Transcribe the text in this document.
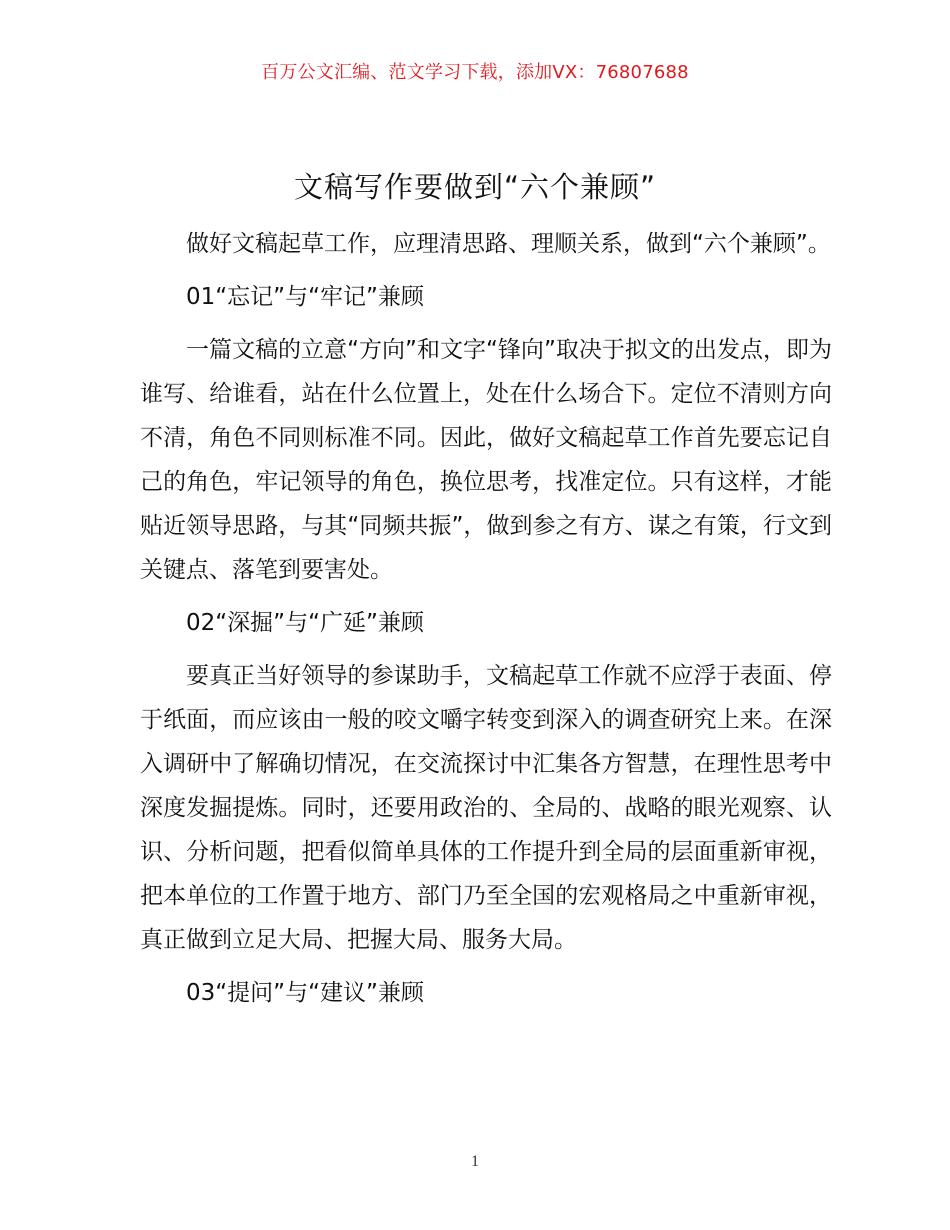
百万公文汇编、范文学习下载，添加VX：76807688
文稿写作要做到“六个兼顾”

做好文稿起草工作，应理清思路、理顺关系，做到“六个兼顾”。

01“忘记”与“牢记”兼顾

一篇文稿的立意“方向”和文字“锋向”取决于拟文的出发点，即为谁写、给谁看，站在什么位置上，处在什么场合下。定位不清则方向不清，角色不同则标准不同。因此，做好文稿起草工作首先要忘记自己的角色，牢记领导的角色，换位思考，找准定位。只有这样，才能贴近领导思路，与其“同频共振”，做到参之有方、谋之有策，行文到关键点、落笔到要害处。

02“深掘”与“广延”兼顾

要真正当好领导的参谋助手，文稿起草工作就不应浮于表面、停于纸面，而应该由一般的咬文嚼字转变到深入的调查研究上来。在深入调研中了解确切情况，在交流探讨中汇集各方智慧，在理性思考中深度发掘提炼。同时，还要用政治的、全局的、战略的眼光观察、认识、分析问题，把看似简单具体的工作提升到全局的层面重新审视，把本单位的工作置于地方、部门乃至全国的宏观格局之中重新审视，真正做到立足大局、把握大局、服务大局。

03“提问”与“建议”兼顾

1
